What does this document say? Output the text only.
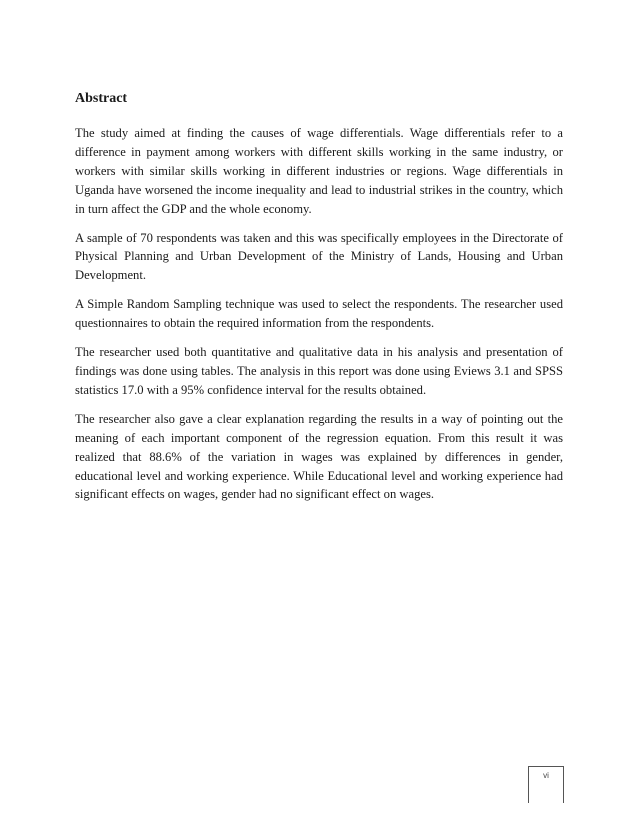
Abstract

The study aimed at finding the causes of wage differentials. Wage differentials refer to a difference in payment among workers with different skills working in the same industry, or workers with similar skills working in different industries or regions. Wage differentials in Uganda have worsened the income inequality and lead to industrial strikes in the country, which in turn affect the GDP and the whole economy.

A sample of 70 respondents was taken and this was specifically employees in the Directorate of Physical Planning and Urban Development of the Ministry of Lands, Housing and Urban Development.

A Simple Random Sampling technique was used to select the respondents. The researcher used questionnaires to obtain the required information from the respondents.

The researcher used both quantitative and qualitative data in his analysis and presentation of findings was done using tables. The analysis in this report was done using Eviews 3.1 and SPSS statistics 17.0 with a 95% confidence interval for the results obtained.

The researcher also gave a clear explanation regarding the results in a way of pointing out the meaning of each important component of the regression equation. From this result it was realized that 88.6% of the variation in wages was explained by differences in gender, educational level and working experience. While Educational level and working experience had significant effects on wages, gender had no significant effect on wages.

vi
